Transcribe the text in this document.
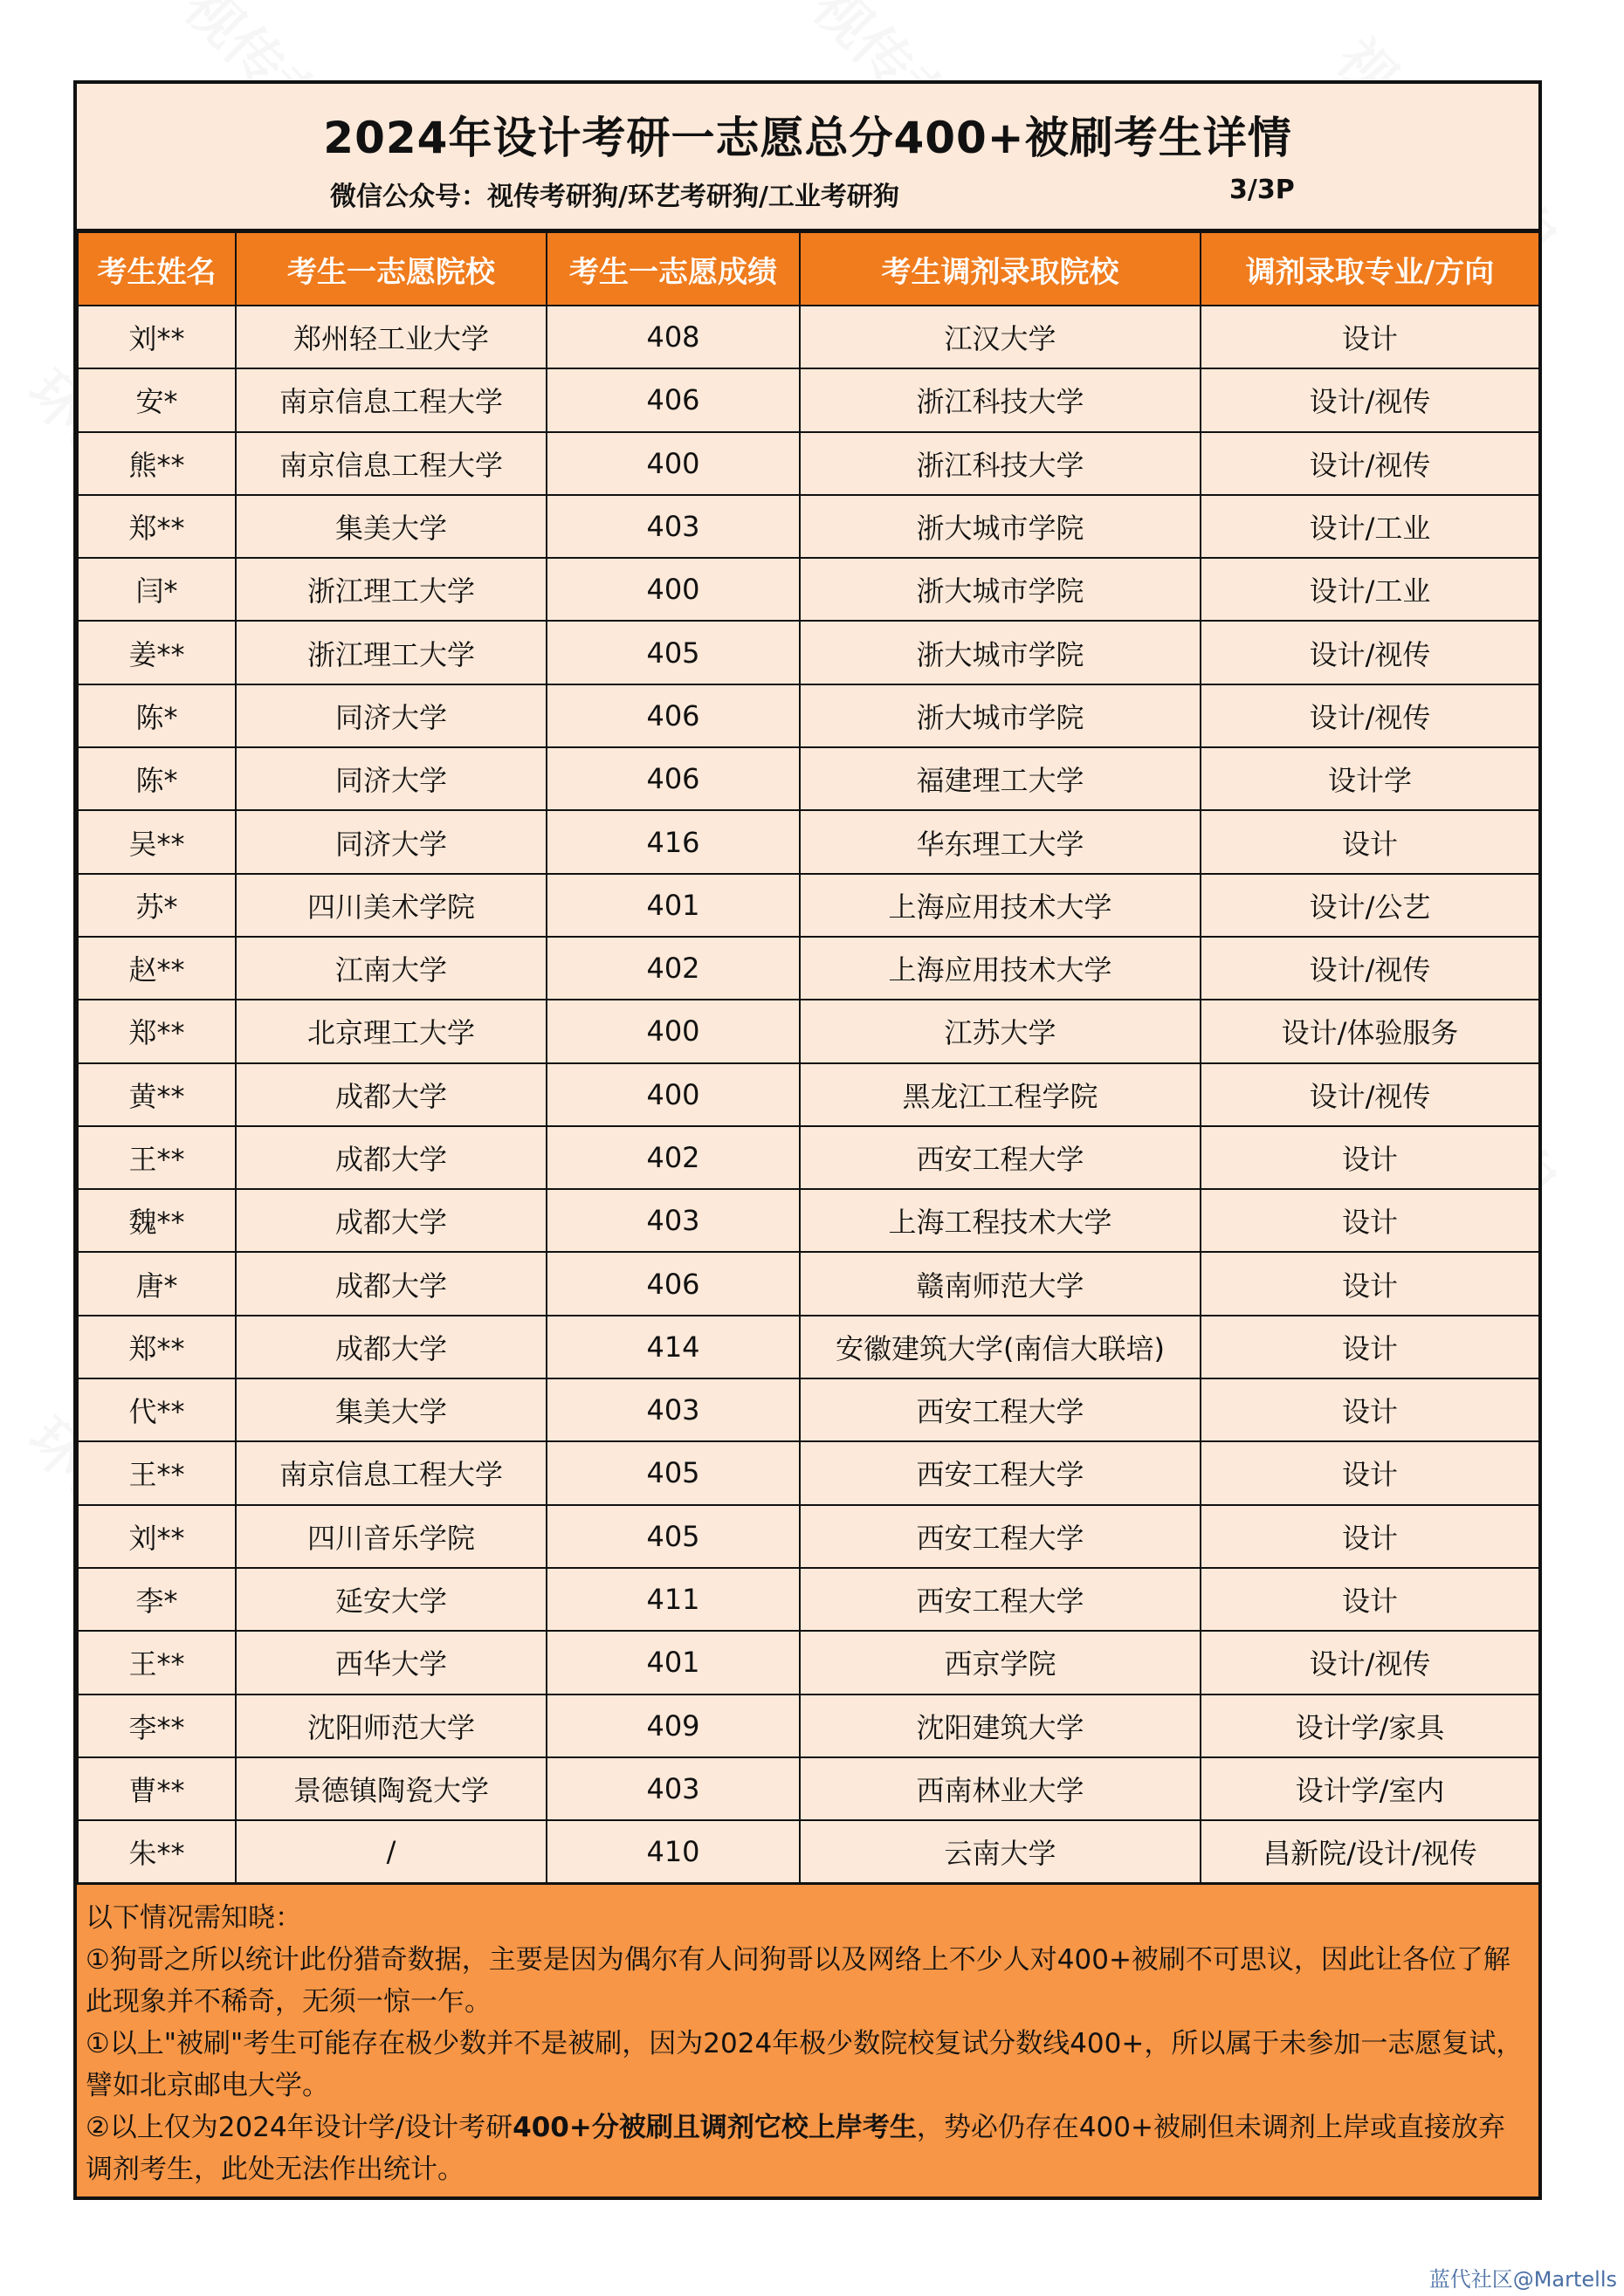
2024年设计考研一志愿总分400+被刷考生详情
微信公众号：视传考研狗/环艺考研狗/工业考研狗	3/3P
考生姓名	考生一志愿院校	考生一志愿成绩	考生调剂录取院校	调剂录取专业/方向
刘**	郑州轻工业大学	408	江汉大学	设计
安*	南京信息工程大学	406	浙江科技大学	设计/视传
熊**	南京信息工程大学	400	浙江科技大学	设计/视传
郑**	集美大学	403	浙大城市学院	设计/工业
闫*	浙江理工大学	400	浙大城市学院	设计/工业
姜**	浙江理工大学	405	浙大城市学院	设计/视传
陈*	同济大学	406	浙大城市学院	设计/视传
陈*	同济大学	406	福建理工大学	设计学
吴**	同济大学	416	华东理工大学	设计
苏*	四川美术学院	401	上海应用技术大学	设计/公艺
赵**	江南大学	402	上海应用技术大学	设计/视传
郑**	北京理工大学	400	江苏大学	设计/体验服务
黄**	成都大学	400	黑龙江工程学院	设计/视传
王**	成都大学	402	西安工程大学	设计
魏**	成都大学	403	上海工程技术大学	设计
唐*	成都大学	406	赣南师范大学	设计
郑**	成都大学	414	安徽建筑大学(南信大联培)	设计
代**	集美大学	403	西安工程大学	设计
王**	南京信息工程大学	405	西安工程大学	设计
刘**	四川音乐学院	405	西安工程大学	设计
李*	延安大学	411	西安工程大学	设计
王**	西华大学	401	西京学院	设计/视传
李**	沈阳师范大学	409	沈阳建筑大学	设计学/家具
曹**	景德镇陶瓷大学	403	西南林业大学	设计学/室内
朱**	/	410	云南大学	昌新院/设计/视传

以下情况需知晓：

①狗哥之所以统计此份猎奇数据，主要是因为偶尔有人问狗哥以及网络上不少人对400+被刷不可思议，因此让各位了解此现象并不稀奇，无须一惊一乍。

①以上"被刷"考生可能存在极少数并不是被刷，因为2024年极少数院校复试分数线400+，所以属于未参加一志愿复试，譬如北京邮电大学。

②以上仅为2024年设计学/设计考研400+分被刷且调剂它校上岸考生，势必仍存在400+被刷但未调剂上岸或直接放弃调剂考生，此处无法作出统计。

蓝代社区@Martells
